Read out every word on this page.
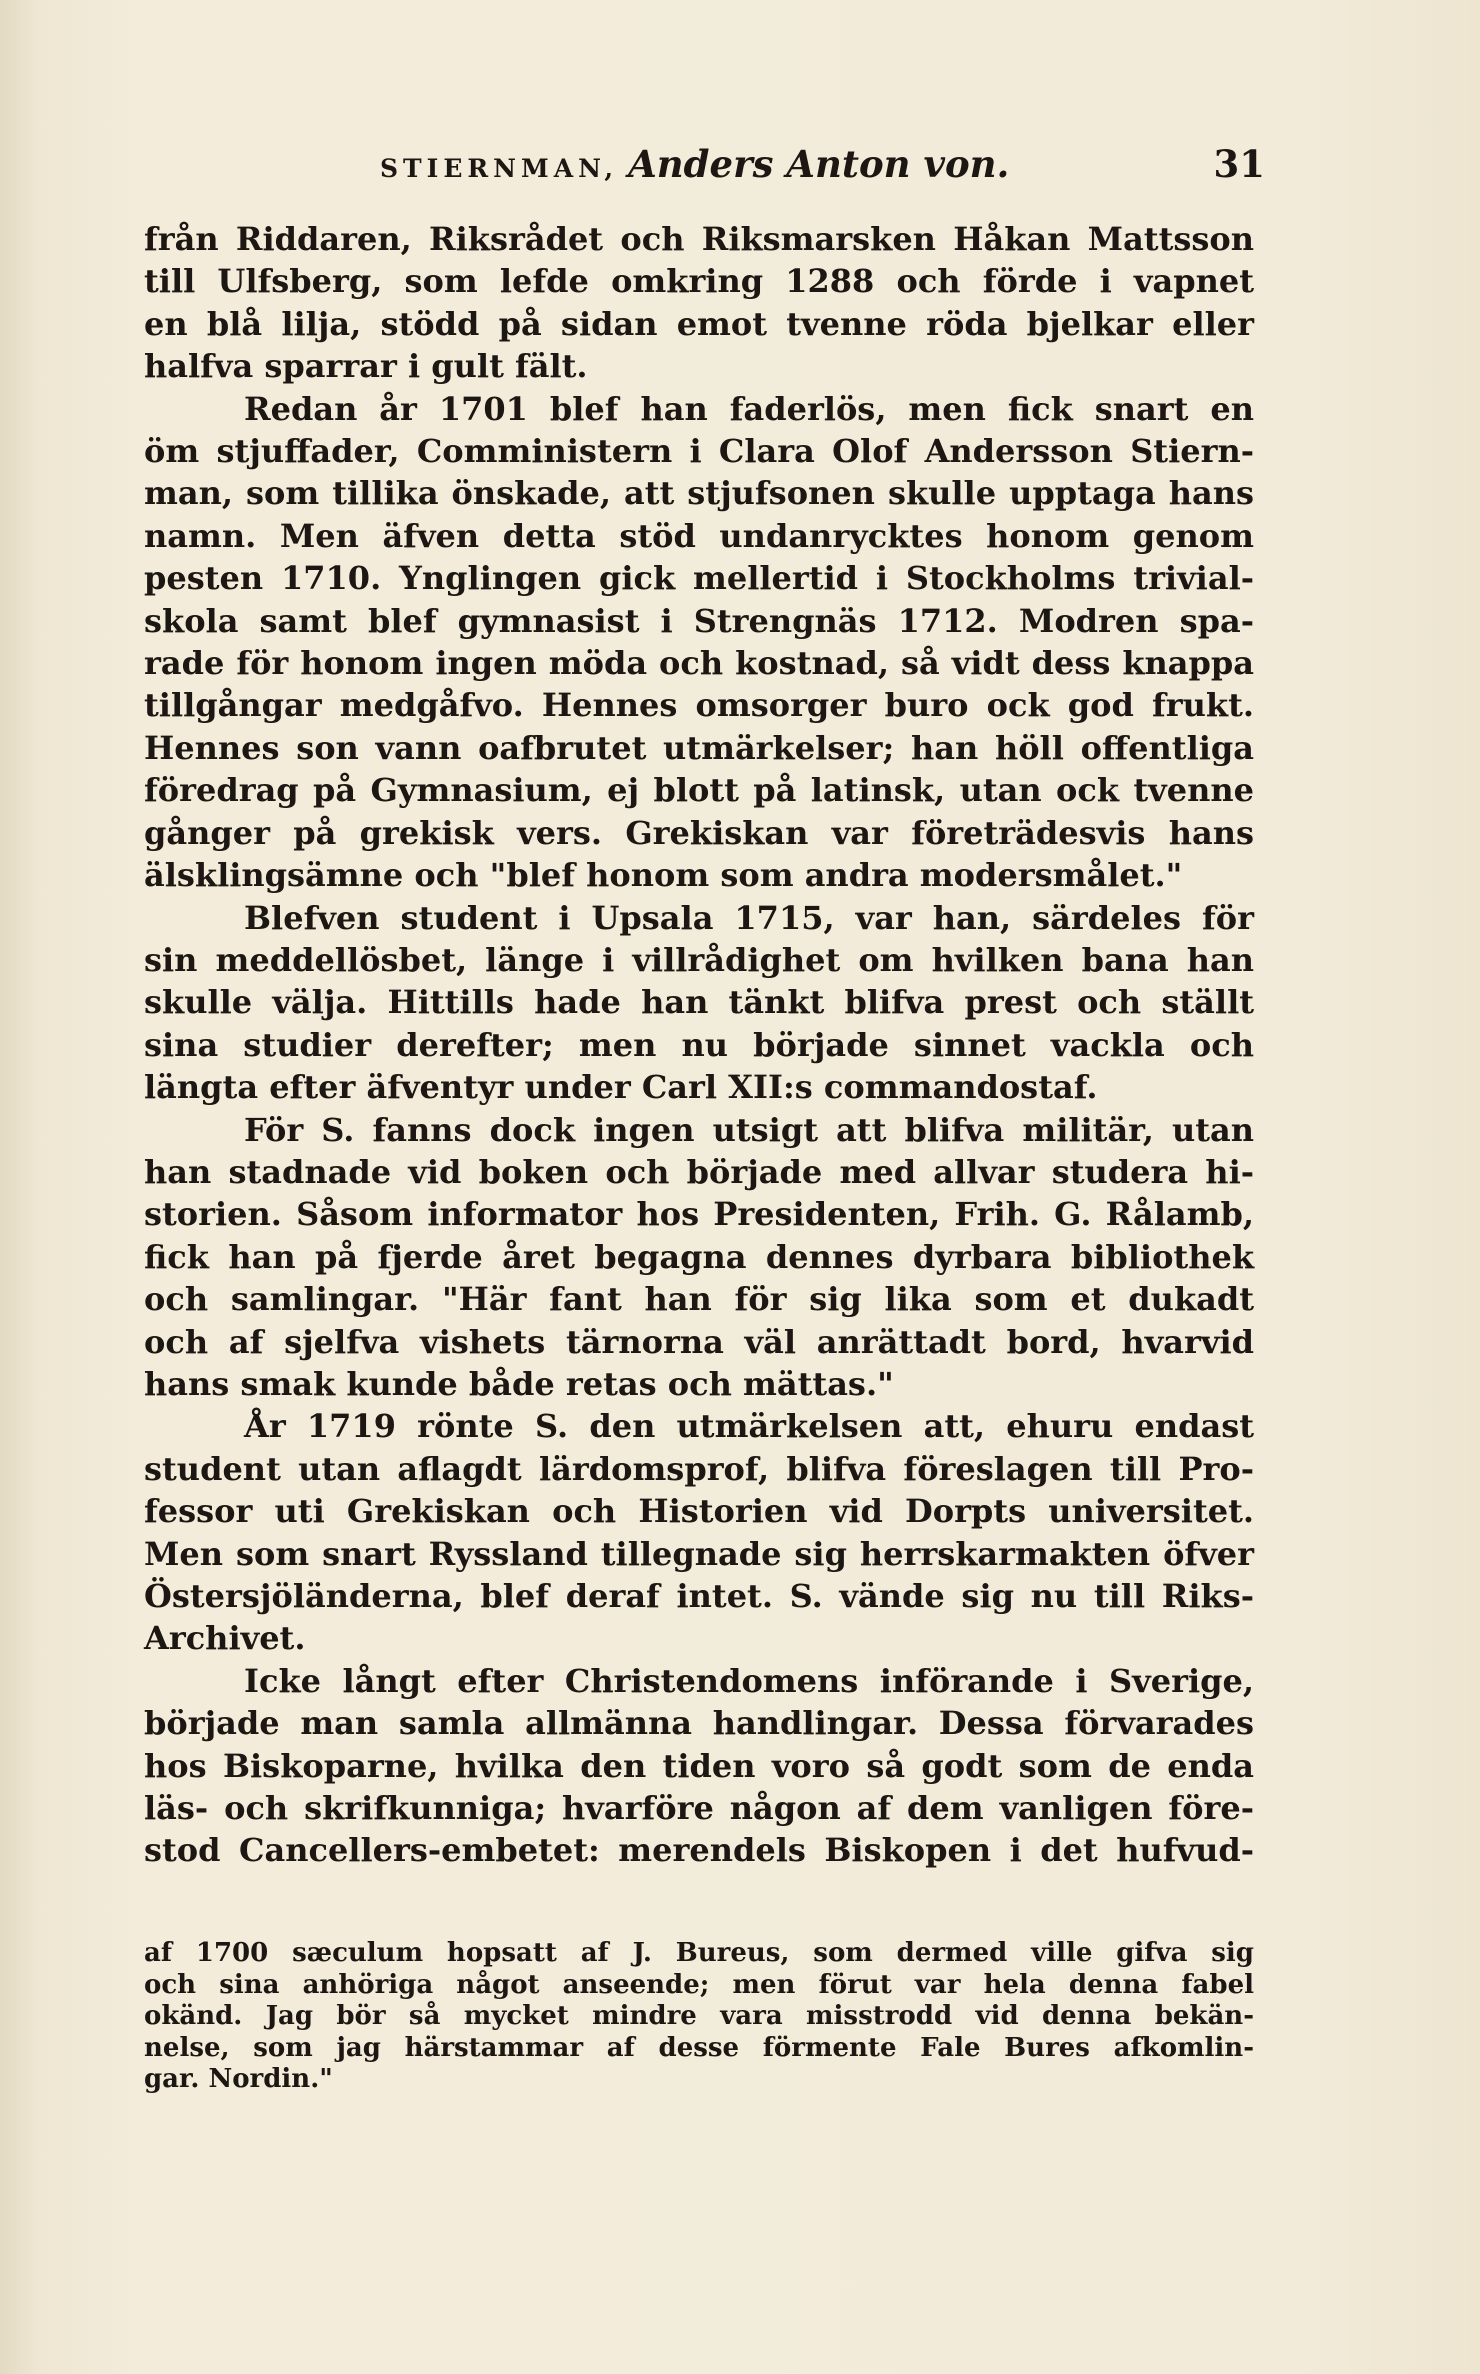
STIERNMAN, Anders Anton von.	31
från Riddaren, Riksrådet och Riksmarsken Håkan Mattsson
till Ulfsberg, som lefde omkring 1288 och förde i vapnet
en blå lilja, stödd på sidan emot tvenne röda bjelkar eller
halfva sparrar i gult fält.
Redan år 1701 blef han faderlös, men fick snart en
öm stjuffader, Comministern i Clara Olof Andersson Stiern-
man, som tillika önskade, att stjufsonen skulle upptaga hans
namn. Men äfven detta stöd undanrycktes honom genom
pesten 1710. Ynglingen gick mellertid i Stockholms trivial-
skola samt blef gymnasist i Strengnäs 1712. Modren spa-
rade för honom ingen möda och kostnad, så vidt dess knappa
tillgångar medgåfvo. Hennes omsorger buro ock god frukt.
Hennes son vann oafbrutet utmärkelser; han höll offentliga
föredrag på Gymnasium, ej blott på latinsk, utan ock tvenne
gånger på grekisk vers. Grekiskan var företrädesvis hans
älsklingsämne och "blef honom som andra modersmålet."
Blefven student i Upsala 1715, var han, särdeles för
sin meddellösbet, länge i villrådighet om hvilken bana han
skulle välja. Hittills hade han tänkt blifva prest och ställt
sina studier derefter; men nu började sinnet vackla och
längta efter äfventyr under Carl XII:s commandostaf.
För S. fanns dock ingen utsigt att blifva militär, utan
han stadnade vid boken och började med allvar studera hi-
storien. Såsom informator hos Presidenten, Frih. G. Rålamb,
fick han på fjerde året begagna dennes dyrbara bibliothek
och samlingar. "Här fant han för sig lika som et dukadt
och af sjelfva vishets tärnorna väl anrättadt bord, hvarvid
hans smak kunde både retas och mättas."
År 1719 rönte S. den utmärkelsen att, ehuru endast
student utan aflagdt lärdomsprof, blifva föreslagen till Pro-
fessor uti Grekiskan och Historien vid Dorpts universitet.
Men som snart Ryssland tillegnade sig herrskarmakten öfver
Östersjöländerna, blef deraf intet. S. vände sig nu till Riks-
Archivet.
Icke långt efter Christendomens införande i Sverige,
började man samla allmänna handlingar. Dessa förvarades
hos Biskoparne, hvilka den tiden voro så godt som de enda
läs- och skrifkunniga; hvarföre någon af dem vanligen före-
stod Cancellers-embetet: merendels Biskopen i det hufvud-
af 1700 sæculum hopsatt af J. Bureus, som dermed ville gifva sig
och sina anhöriga något anseende; men förut var hela denna fabel
okänd. Jag bör så mycket mindre vara misstrodd vid denna bekän-
nelse, som jag härstammar af desse förmente Fale Bures afkomlin-
gar. Nordin."
